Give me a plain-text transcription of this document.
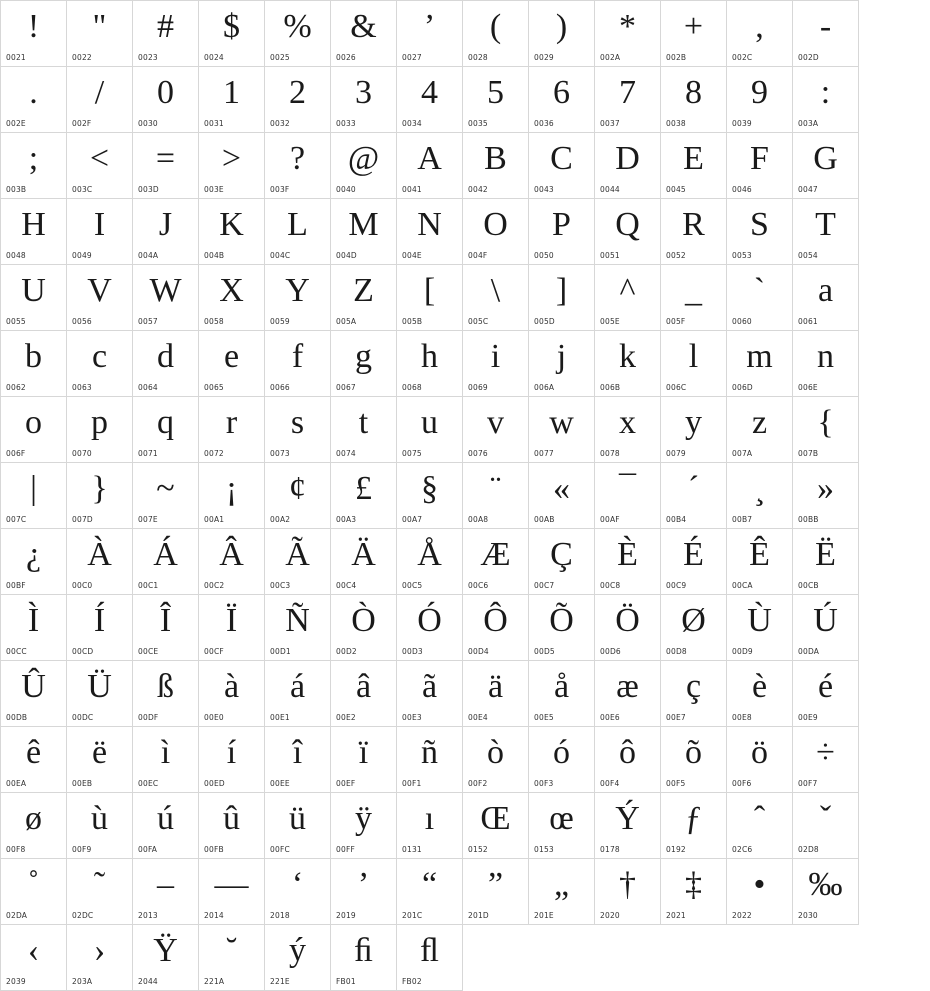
!
0021
"
0022
#
0023
$
0024
%
0025
&
0026
’
0027
(
0028
)
0029
*
002A
+
002B
,
002C
-
002D
.
002E
/
002F
0
0030
1
0031
2
0032
3
0033
4
0034
5
0035
6
0036
7
0037
8
0038
9
0039
:
003A
;
003B
<
003C
=
003D
>
003E
?
003F
@
0040
A
0041
B
0042
C
0043
D
0044
E
0045
F
0046
G
0047
H
0048
I
0049
J
004A
K
004B
L
004C
M
004D
N
004E
O
004F
P
0050
Q
0051
R
0052
S
0053
T
0054
U
0055
V
0056
W
0057
X
0058
Y
0059
Z
005A
[
005B
\
005C
]
005D
^
005E
_
005F
`
0060
a
0061
b
0062
c
0063
d
0064
e
0065
f
0066
g
0067
h
0068
i
0069
j
006A
k
006B
l
006C
m
006D
n
006E
o
006F
p
0070
q
0071
r
0072
s
0073
t
0074
u
0075
v
0076
w
0077
x
0078
y
0079
z
007A
{
007B
|
007C
}
007D
~
007E
¡
00A1
¢
00A2
£
00A3
§
00A7
¨
00A8
«
00AB
¯
00AF
´
00B4
¸
00B7
»
00BB
¿
00BF
À
00C0
Á
00C1
Â
00C2
Ã
00C3
Ä
00C4
Å
00C5
Æ
00C6
Ç
00C7
È
00C8
É
00C9
Ê
00CA
Ë
00CB
Ì
00CC
Í
00CD
Î
00CE
Ï
00CF
Ñ
00D1
Ò
00D2
Ó
00D3
Ô
00D4
Õ
00D5
Ö
00D6
Ø
00D8
Ù
00D9
Ú
00DA
Û
00DB
Ü
00DC
ß
00DF
à
00E0
á
00E1
â
00E2
ã
00E3
ä
00E4
å
00E5
æ
00E6
ç
00E7
è
00E8
é
00E9
ê
00EA
ë
00EB
ì
00EC
í
00ED
î
00EE
ï
00EF
ñ
00F1
ò
00F2
ó
00F3
ô
00F4
õ
00F5
ö
00F6
÷
00F7
ø
00F8
ù
00F9
ú
00FA
û
00FB
ü
00FC
ÿ
00FF
ı
0131
Œ
0152
œ
0153
Ý
0178
ƒ
0192
ˆ
02C6
ˇ
02D8
˚
02DA
˜
02DC
–
2013
—
2014
‘
2018
’
2019
“
201C
”
201D
„
201E
†
2020
‡
2021
•
2022
‰
2030
‹
2039
›
203A
Ÿ
2044
˘
221A
ý
221E
ﬁ
FB01
ﬂ
FB02
